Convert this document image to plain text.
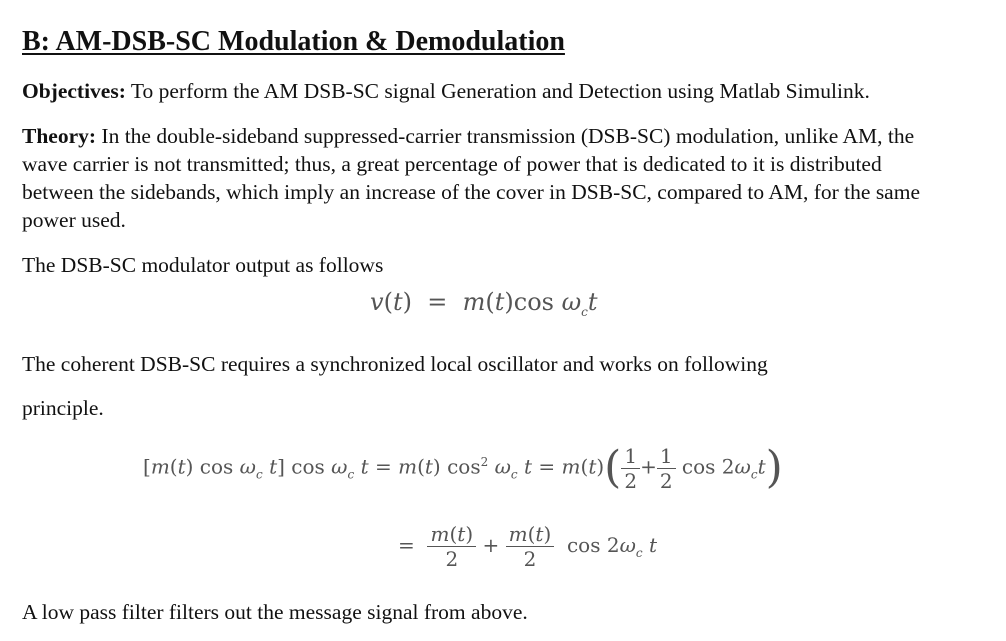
B: AM-DSB-SC Modulation & Demodulation
Objectives: To perform the AM DSB-SC signal Generation and Detection using Matlab Simulink.
Theory: In the double-sideband suppressed-carrier transmission (DSB-SC) modulation, unlike AM, the
wave carrier is not transmitted; thus, a great percentage of power that is dedicated to it is distributed
between the sidebands, which imply an increase of the cover in DSB-SC, compared to AM, for the same
power used.
The DSB-SC modulator output as follows
v(t)  =  m(t)cos $\omega_ct$
The coherent DSB-SC requires a synchronized local oscillator and works on following
principle.
[m(t) $\cos \omega_c$ t] $\cos \omega_c$ t = m(t) $\cos^2 \omega_c$ $t = m(t)( \frac{1}{2} + \frac{1}{2}$ $\cos 2\omega_ct$)
= $\frac{m(t)}{2} + \frac{m(t)}{2}$ $\cos 2\omega_c$ t
A low pass filter filters out the message signal from above.
